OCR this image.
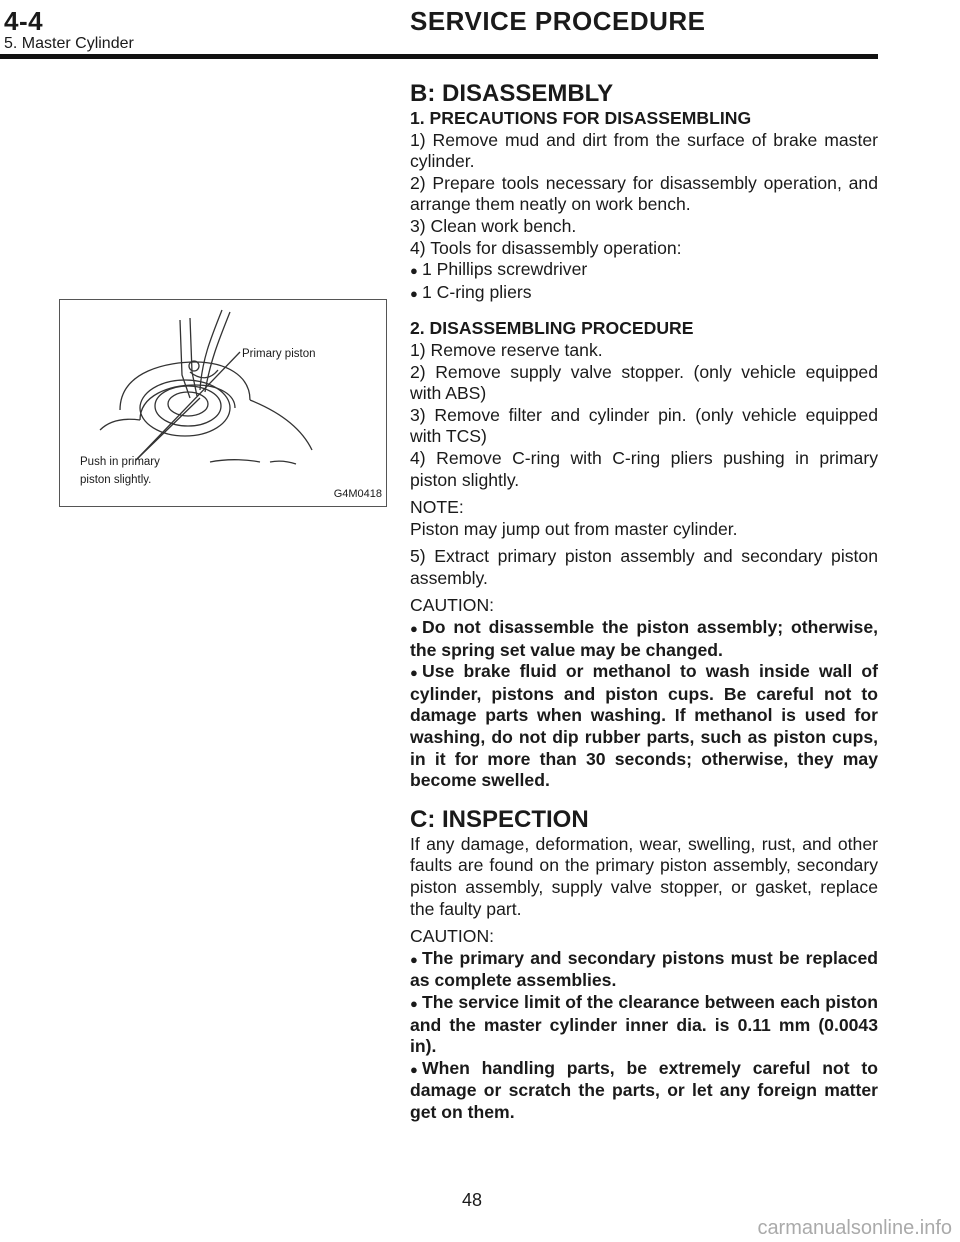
4-4	SERVICE PROCEDURE
5. Master Cylinder
Primary piston
Push in primary
piston slightly.
G4M0418

B: DISASSEMBLY

1. PRECAUTIONS FOR DISASSEMBLING

1) Remove mud and dirt from the surface of brake master cylinder.

2) Prepare tools necessary for disassembly operation, and arrange them neatly on work bench.

3) Clean work bench.

4) Tools for disassembly operation:

● 1 Phillips screwdriver

● 1 C-ring pliers

2. DISASSEMBLING PROCEDURE

1) Remove reserve tank.

2) Remove supply valve stopper. (only vehicle equipped with ABS)

3) Remove filter and cylinder pin. (only vehicle equipped with TCS)

4) Remove C-ring with C-ring pliers pushing in primary piston slightly.

NOTE:

Piston may jump out from master cylinder.

5) Extract primary piston assembly and secondary piston assembly.

CAUTION:

● Do not disassemble the piston assembly; otherwise, the spring set value may be changed.

● Use brake fluid or methanol to wash inside wall of cylinder, pistons and piston cups. Be careful not to damage parts when washing. If methanol is used for washing, do not dip rubber parts, such as piston cups, in it for more than 30 seconds; otherwise, they may become swelled.

C: INSPECTION

If any damage, deformation, wear, swelling, rust, and other faults are found on the primary piston assembly, secondary piston assembly, supply valve stopper, or gasket, replace the faulty part.

CAUTION:

● The primary and secondary pistons must be replaced as complete assemblies.

● The service limit of the clearance between each piston and the master cylinder inner dia. is 0.11 mm (0.0043 in).

● When handling parts, be extremely careful not to damage or scratch the parts, or let any foreign matter get on them.

48
carmanualsonline.info
